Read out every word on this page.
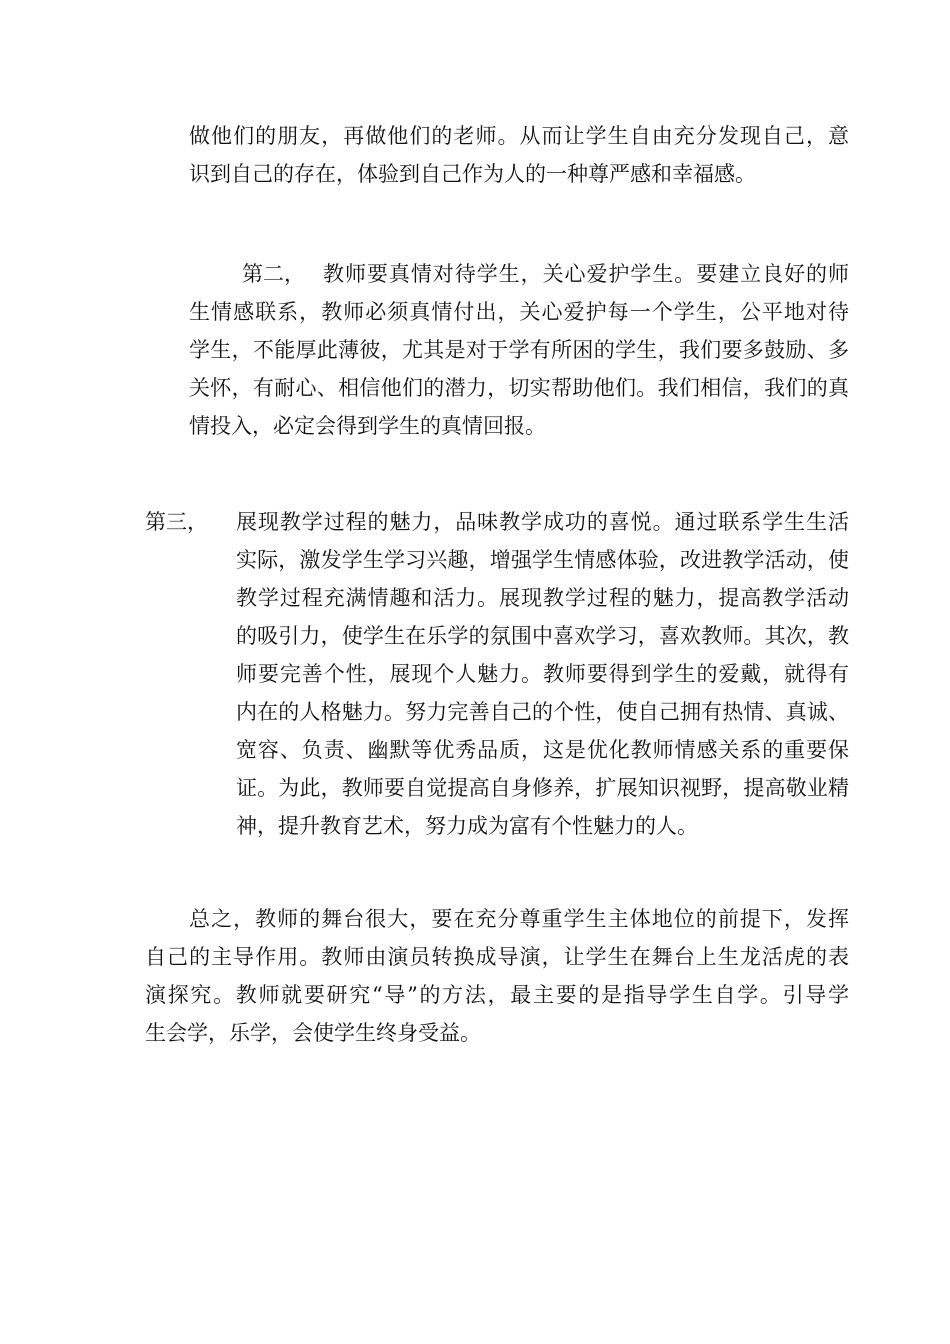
做他们的朋友，再做他们的老师。从而让学生自由充分发现自己，意
识到自己的存在，体验到自己作为人的一种尊严感和幸福感。
第二， 教师要真情对待学生，关心爱护学生。要建立良好的师
生情感联系，教师必须真情付出，关心爱护每一个学生，公平地对待
学生，不能厚此薄彼，尤其是对于学有所困的学生，我们要多鼓励、多
关怀，有耐心、相信他们的潜力，切实帮助他们。我们相信，我们的真
情投入，必定会得到学生的真情回报。
第三， 展现教学过程的魅力，品味教学成功的喜悦。通过联系学生生活
实际，激发学生学习兴趣，增强学生情感体验，改进教学活动，使
教学过程充满情趣和活力。展现教学过程的魅力，提高教学活动
的吸引力，使学生在乐学的氛围中喜欢学习，喜欢教师。其次，教
师要完善个性，展现个人魅力。教师要得到学生的爱戴，就得有
内在的人格魅力。努力完善自己的个性，使自己拥有热情、真诚、
宽容、负责、幽默等优秀品质，这是优化教师情感关系的重要保
证。为此，教师要自觉提高自身修养，扩展知识视野，提高敬业精
神，提升教育艺术，努力成为富有个性魅力的人。
总之，教师的舞台很大，要在充分尊重学生主体地位的前提下，发挥
自己的主导作用。教师由演员转换成导演，让学生在舞台上生龙活虎的表
演探究。教师就要研究“导”的方法，最主要的是指导学生自学。引导学
生会学，乐学，会使学生终身受益。
